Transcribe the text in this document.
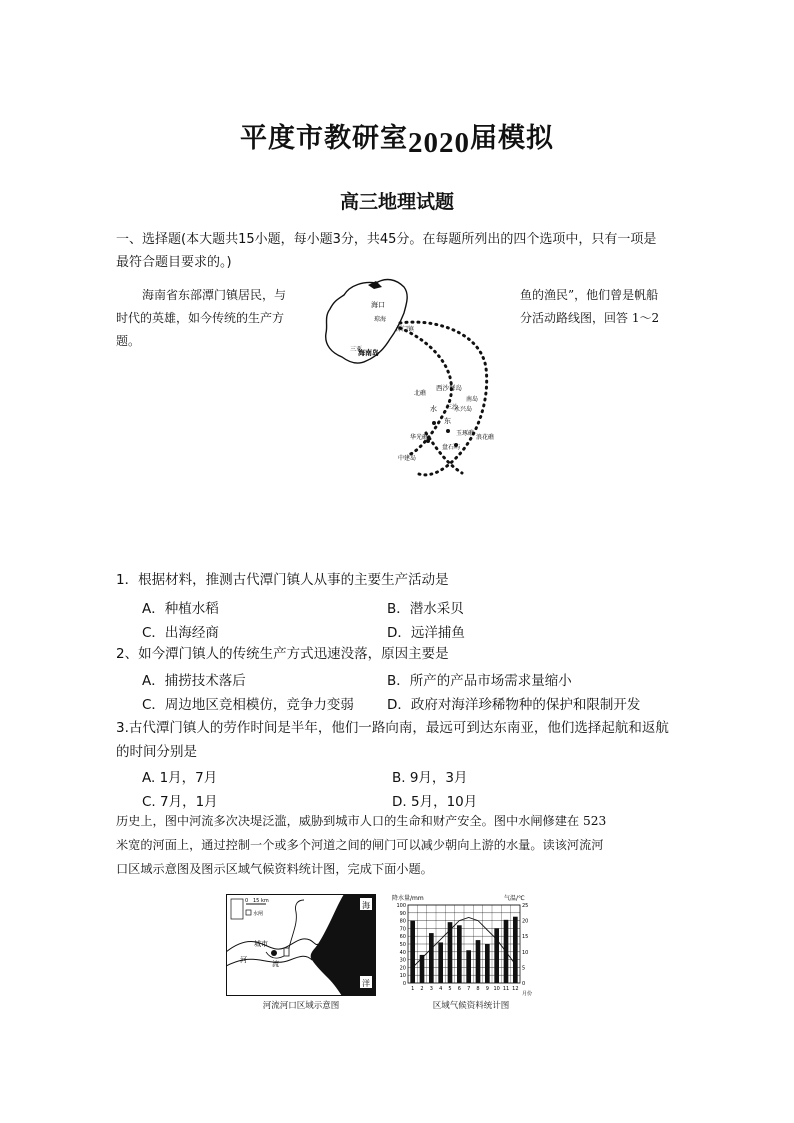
平度市教研室2020届模拟
高三地理试题
一、选择题(本大题共15小题，每小题3分，共45分。在每题所列出的四个选项中，只有一项是
最符合题目要求的。)
海南省东部潭门镇居民，与	鱼的渔民”，他们曾是帆船
时代的英雄，如今传统的生产方	分活动路线图，回答 1～2
题。
海口
琼海
潭门镇
三亚
海南岛
西沙群岛
北礁
南岛
永兴岛
三沙
水
东
华光礁
玉琢礁
浪花礁
中建岛
盘石屿
1．根据材料，推测古代潭门镇人从事的主要生产活动是
A．种植水稻	B．潜水采贝
C．出海经商	D．远洋捕鱼
2、如今潭门镇人的传统生产方式迅速没落，原因主要是
A．捕捞技术落后	B．所产的产品市场需求量缩小
C．周边地区竞相模仿，竞争力变弱 D．政府对海洋珍稀物种的保护和限制开发
3.古代潭门镇人的劳作时间是半年，他们一路向南，最远可到达东南亚，他们选择起航和返航
的时间分别是
A. 1月，7月	B. 9月，3月
C. 7月，1月	D. 5月，10月
历史上，图中河流多次决堤泛滥，威胁到城市人口的生命和财产安全。图中水闸修建在 523
米宽的河面上，通过控制一个或多个河道之间的闸门可以减少朝向上游的水量。读该河流河
口区域示意图及图示区域气候资料统计图，完成下面小题。
0 15 km
水闸
城市
河	流
海
洋
河流河口区域示意图
降水量/mm	气温/℃
0
10
20
30
40
50
60
70
80
90
100
0
5
10
15
20
25
1 2 3 4 5 6 7 8 9 10 11 12
月份
区域气候资料统计图
